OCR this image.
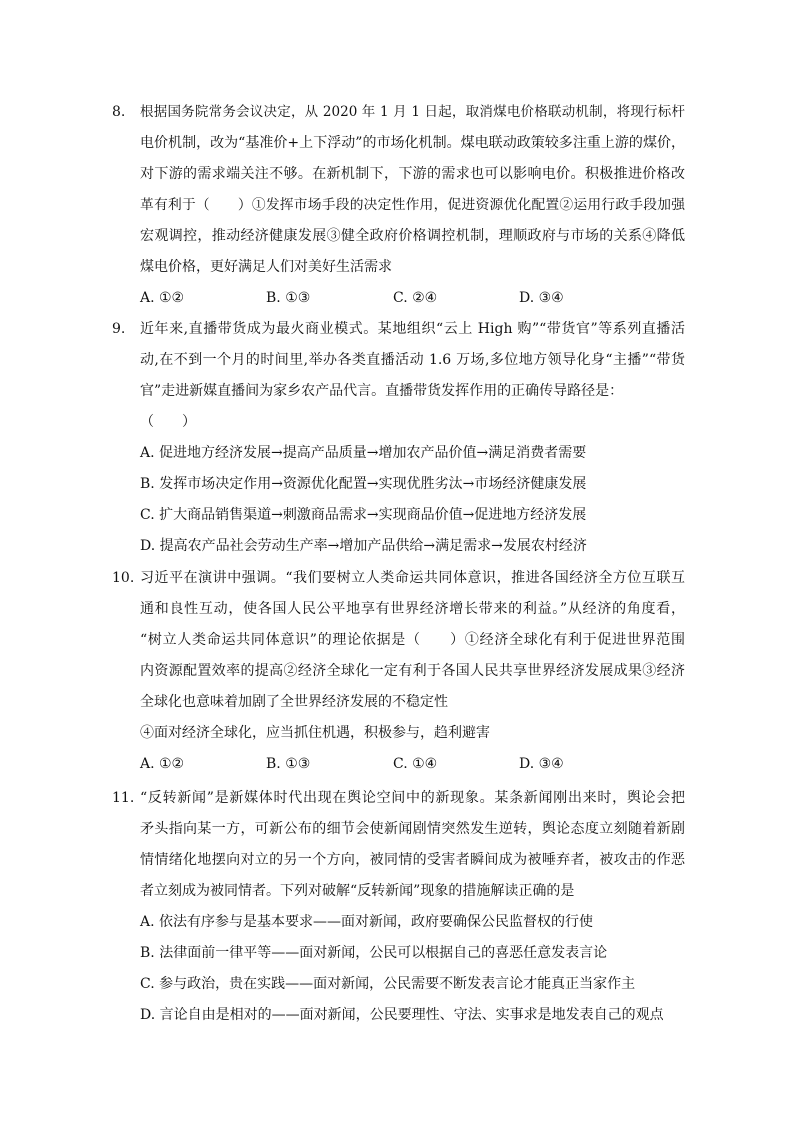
8. 根据国务院常务会议决定，从 2020 年 1 月 1 日起，取消煤电价格联动机制，将现行标杆
电价机制，改为“基准价+上下浮动”的市场化机制。煤电联动政策较多注重上游的煤价，
对下游的需求端关注不够。在新机制下，下游的需求也可以影响电价。积极推进价格改
革有利于（　　）①发挥市场手段的决定性作用，促进资源优化配置②运用行政手段加强
宏观调控，推动经济健康发展③健全政府价格调控机制，理顺政府与市场的关系④降低
煤电价格，更好满足人们对美好生活需求
A. ①②	B. ①③	C. ②④	D. ③④
9. 近年来,直播带货成为最火商业模式。某地组织“云上 High 购”“带货官”等系列直播活
动,在不到一个月的时间里,举办各类直播活动 1.6 万场,多位地方领导化身“主播”“带货
官”走进新媒直播间为家乡农产品代言。直播带货发挥作用的正确传导路径是：
（　　）
A. 促进地方经济发展→提高产品质量→增加农产品价值→满足消费者需要
B. 发挥市场决定作用→资源优化配置→实现优胜劣汰→市场经济健康发展
C. 扩大商品销售渠道→刺激商品需求→实现商品价值→促进地方经济发展
D. 提高农产品社会劳动生产率→增加产品供给→满足需求→发展农村经济
10. 习近平在演讲中强调。“我们要树立人类命运共同体意识，推进各国经济全方位互联互
通和良性互动，使各国人民公平地享有世界经济增长带来的利益。”从经济的角度看，
“树立人类命运共同体意识”的理论依据是（　　）①经济全球化有利于促进世界范围
内资源配置效率的提高②经济全球化一定有利于各国人民共享世界经济发展成果③经济
全球化也意味着加剧了全世界经济发展的不稳定性
④面对经济全球化，应当抓住机遇，积极参与，趋利避害
A. ①②	B. ①③	C. ①④	D. ③④
11. “反转新闻”是新媒体时代出现在舆论空间中的新现象。某条新闻刚出来时，舆论会把
矛头指向某一方，可新公布的细节会使新闻剧情突然发生逆转，舆论态度立刻随着新剧
情情绪化地摆向对立的另一个方向，被同情的受害者瞬间成为被唾弃者，被攻击的作恶
者立刻成为被同情者。下列对破解“反转新闻”现象的措施解读正确的是
A. 依法有序参与是基本要求——面对新闻，政府要确保公民监督权的行使
B. 法律面前一律平等——面对新闻，公民可以根据自己的喜恶任意发表言论
C. 参与政治，贵在实践——面对新闻，公民需要不断发表言论才能真正当家作主
D. 言论自由是相对的——面对新闻，公民要理性、守法、实事求是地发表自己的观点
